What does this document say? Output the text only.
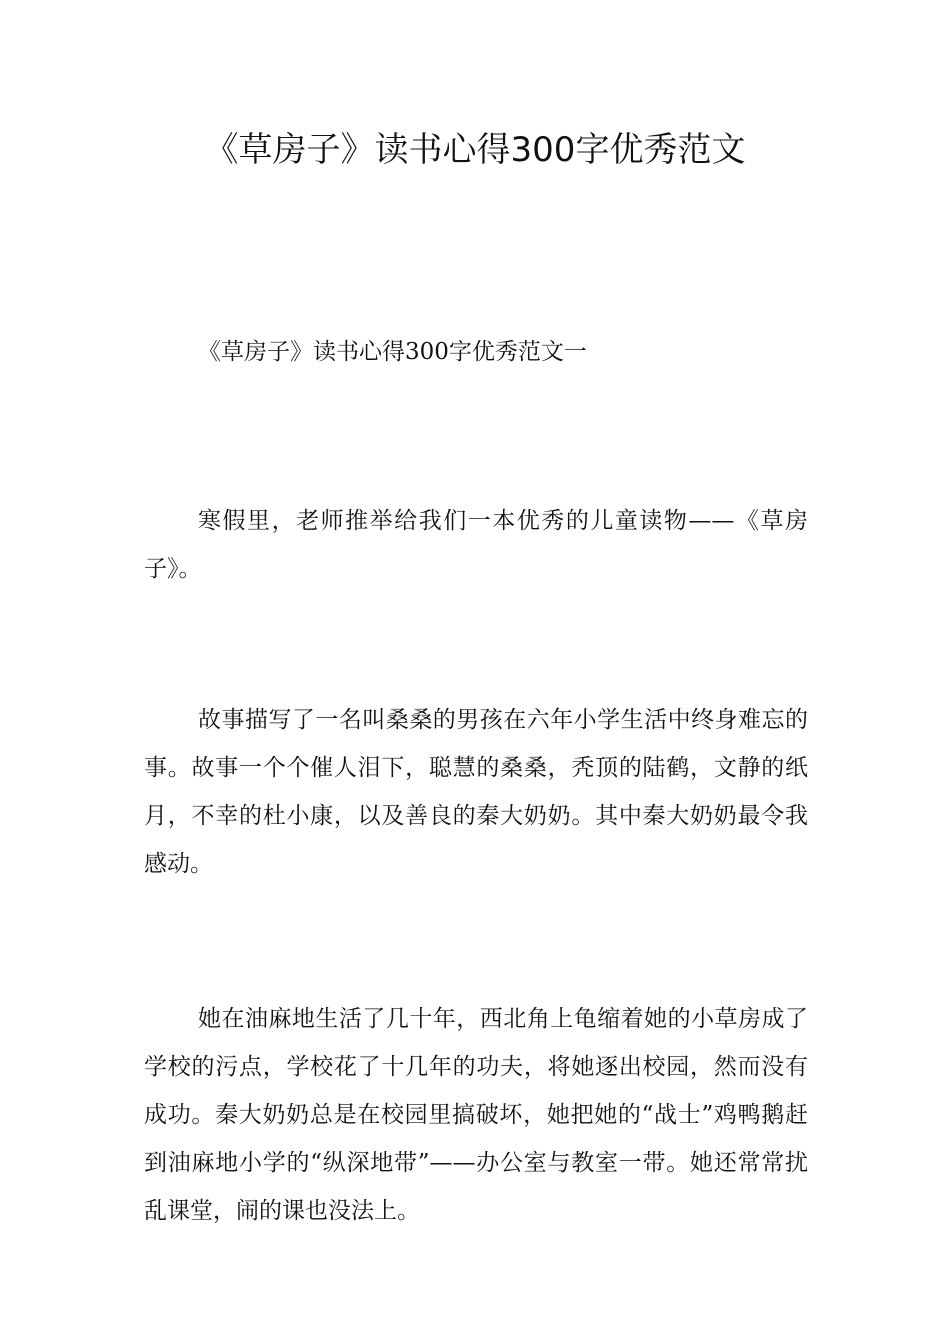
《草房子》读书心得300字优秀范文
《草房子》读书心得300字优秀范文一

寒假里，老师推举给我们一本优秀的儿童读物——《草房子》。

故事描写了一名叫桑桑的男孩在六年小学生活中终身难忘的事。故事一个个催人泪下，聪慧的桑桑，秃顶的陆鹤，文静的纸月，不幸的杜小康，以及善良的秦大奶奶。其中秦大奶奶最令我感动。

她在油麻地生活了几十年，西北角上龟缩着她的小草房成了学校的污点，学校花了十几年的功夫，将她逐出校园，然而没有成功。秦大奶奶总是在校园里搞破坏，她把她的“战士”鸡鸭鹅赶到油麻地小学的“纵深地带”——办公室与教室一带。她还常常扰乱课堂，闹的课也没法上。
